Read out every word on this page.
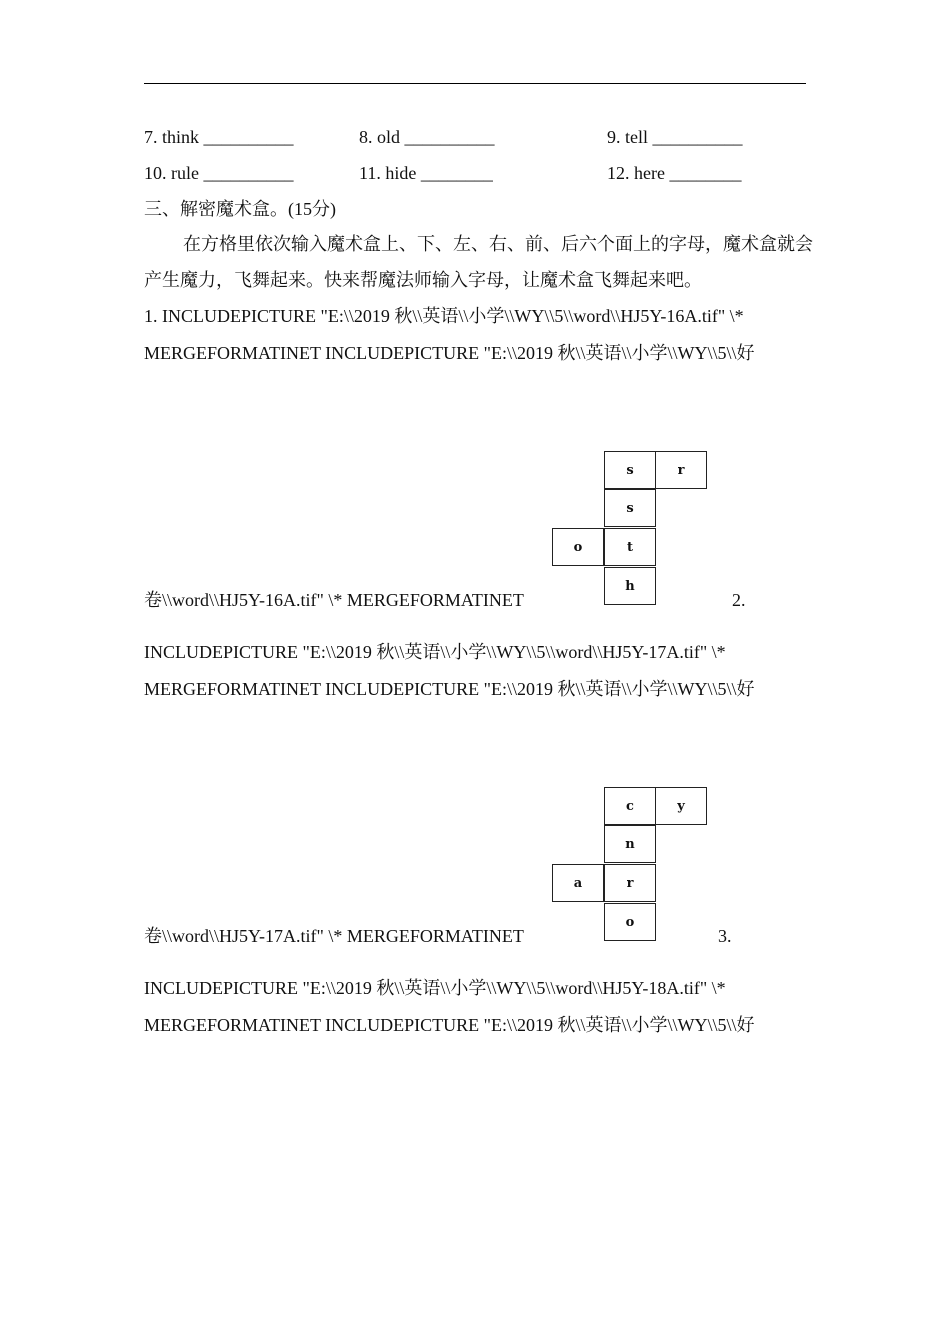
7. think __________	8. old __________	9. tell __________
10. rule __________	11. hide ________	12. here ________
三、解密魔术盒。(15分)
在方格里依次输入魔术盒上、下、左、右、前、后六个面上的字母，魔术盒就会
产生魔力，飞舞起来。快来帮魔法师输入字母，让魔术盒飞舞起来吧。
1. INCLUDEPICTURE "E:\\2019 秋\\英语\\小学\\WY\\5\\word\\HJ5Y-16A.tif" \*
MERGEFORMATINET INCLUDEPICTURE "E:\\2019 秋\\英语\\小学\\WY\\5\\好
s	r
s
o	t
h
卷\\word\\HJ5Y-16A.tif" \* MERGEFORMATINET	2.
INCLUDEPICTURE "E:\\2019 秋\\英语\\小学\\WY\\5\\word\\HJ5Y-17A.tif" \*
MERGEFORMATINET INCLUDEPICTURE "E:\\2019 秋\\英语\\小学\\WY\\5\\好
c	y
n
a	r
o
卷\\word\\HJ5Y-17A.tif" \* MERGEFORMATINET	3.
INCLUDEPICTURE "E:\\2019 秋\\英语\\小学\\WY\\5\\word\\HJ5Y-18A.tif" \*
MERGEFORMATINET INCLUDEPICTURE "E:\\2019 秋\\英语\\小学\\WY\\5\\好
